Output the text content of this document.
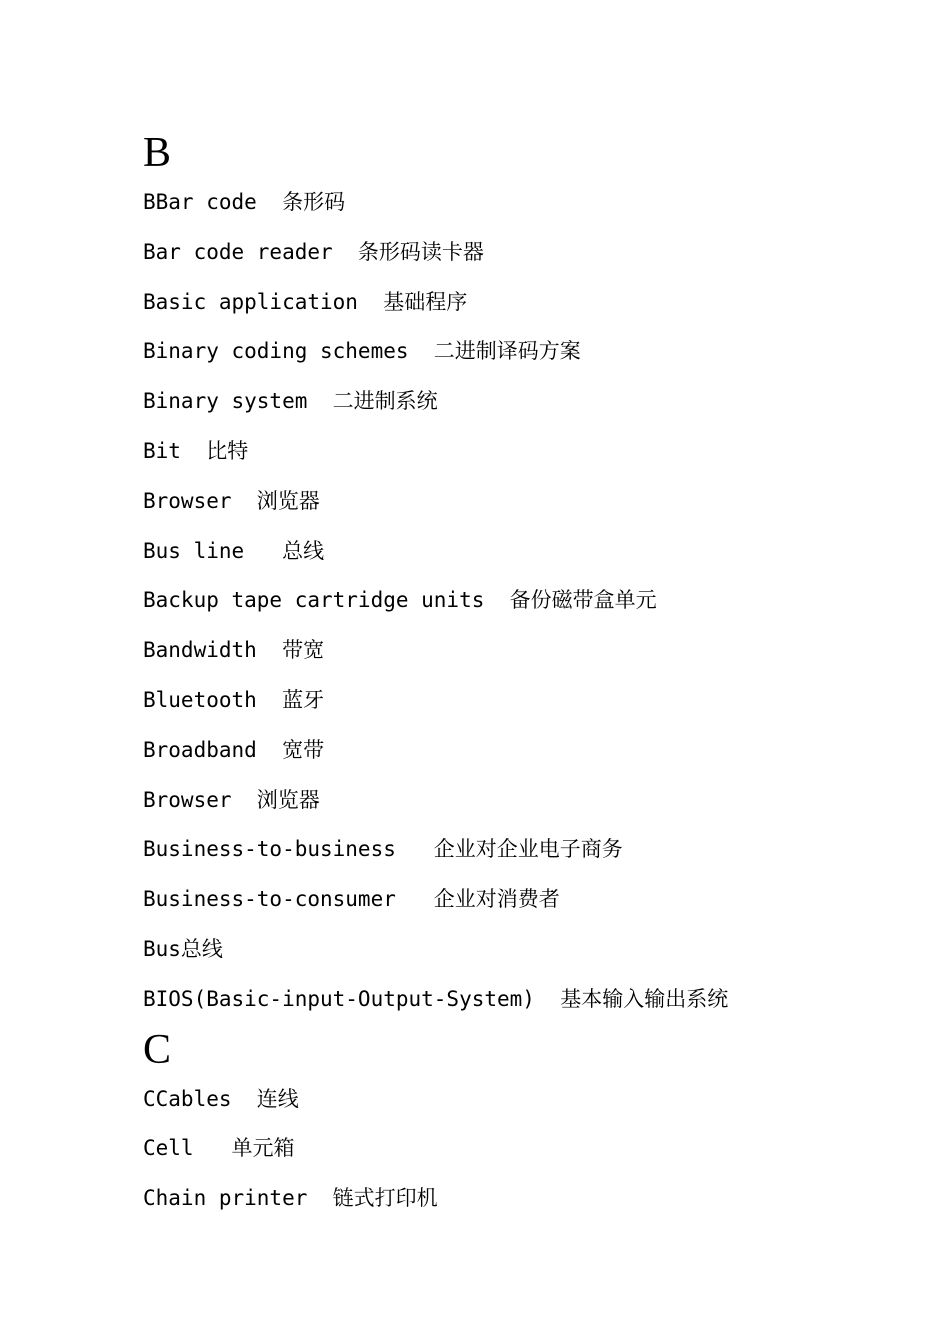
B
BBar code  条形码
Bar code reader  条形码读卡器
Basic application  基础程序
Binary coding schemes  二进制译码方案
Binary system  二进制系统
Bit  比特
Browser  浏览器
Bus line   总线
Backup tape cartridge units  备份磁带盒单元
Bandwidth  带宽
Bluetooth  蓝牙
Broadband  宽带
Browser  浏览器
Business-to-business   企业对企业电子商务
Business-to-consumer   企业对消费者
Bus总线
BIOS(Basic-input-Output-System)  基本输入输出系统
C
CCables  连线
Cell   单元箱
Chain printer  链式打印机
